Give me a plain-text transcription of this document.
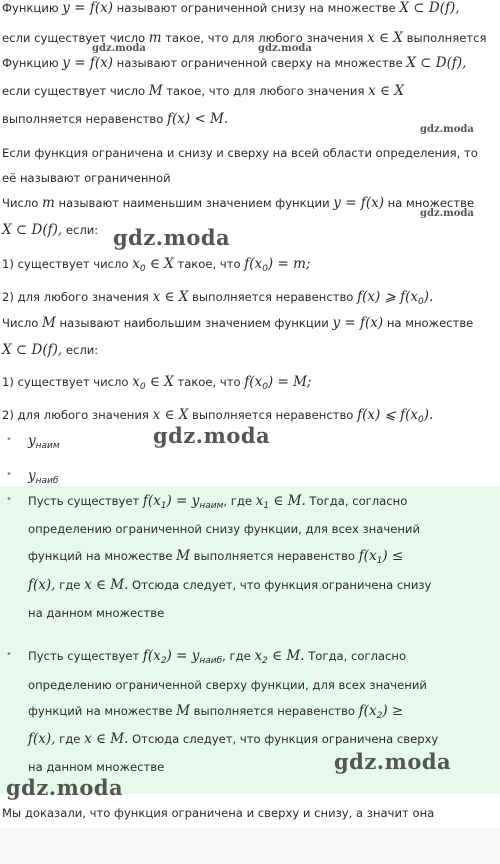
Функцию y = f(x) называют ограниченной снизу на множестве X ⊂ D(f),
если существует число m такое, что для любого значения x ∈ X выполняется
Функцию y = f(x) называют ограниченной сверху на множестве X ⊂ D(f),
если существует число M такое, что для любого значения x ∈ X
выполняется неравенство f(x) < M.
Если функция ограничена и снизу и сверху на всей области определения, то
её называют ограниченной
Число m называют наименьшим значением функции y = f(x) на множестве
X ⊂ D(f), если:
1) существует число $x_0$ ∈ X такое, что $f(x_0) = m$;
2) для любого значения x ∈ X выполняется неравенство f(x) ⩾ $f(x_0)$.
Число M называют наибольшим значением функции y = f(x) на множестве
X ⊂ D(f), если:
1) существует число $x_0$ ∈ X такое, что $f(x_0) = M$;
2) для любого значения x ∈ X выполняется неравенство f(x) ⩽ $f(x_0)$.
• $y_{наим}$
• $y_{наиб}$
• Пусть существует $f(x_1) = y_{наим}$, где $x_1$ ∈ M. Тогда, согласно
определению ограниченной снизу функции, для всех значений
функций на множестве M выполняется неравенство $f(x_1)$ ≤
f(x), где x ∈ M. Отсюда следует, что функция ограничена снизу
на данном множестве
• Пусть существует $f(x_2) = y_{наиб}$, где $x_2$ ∈ M. Тогда, согласно
определению ограниченной сверху функции, для всех значений
функций на множестве M выполняется неравенство $f(x_2)$ ≥
f(x), где x ∈ M. Отсюда следует, что функция ограничена сверху
на данном множестве
Мы доказали, что функция ограничена и сверху и снизу, а значит она
gdz.moda	gdz.moda
gdz.moda
gdz.moda
gdz.moda
gdz.moda
gdz.moda
gdz.moda
